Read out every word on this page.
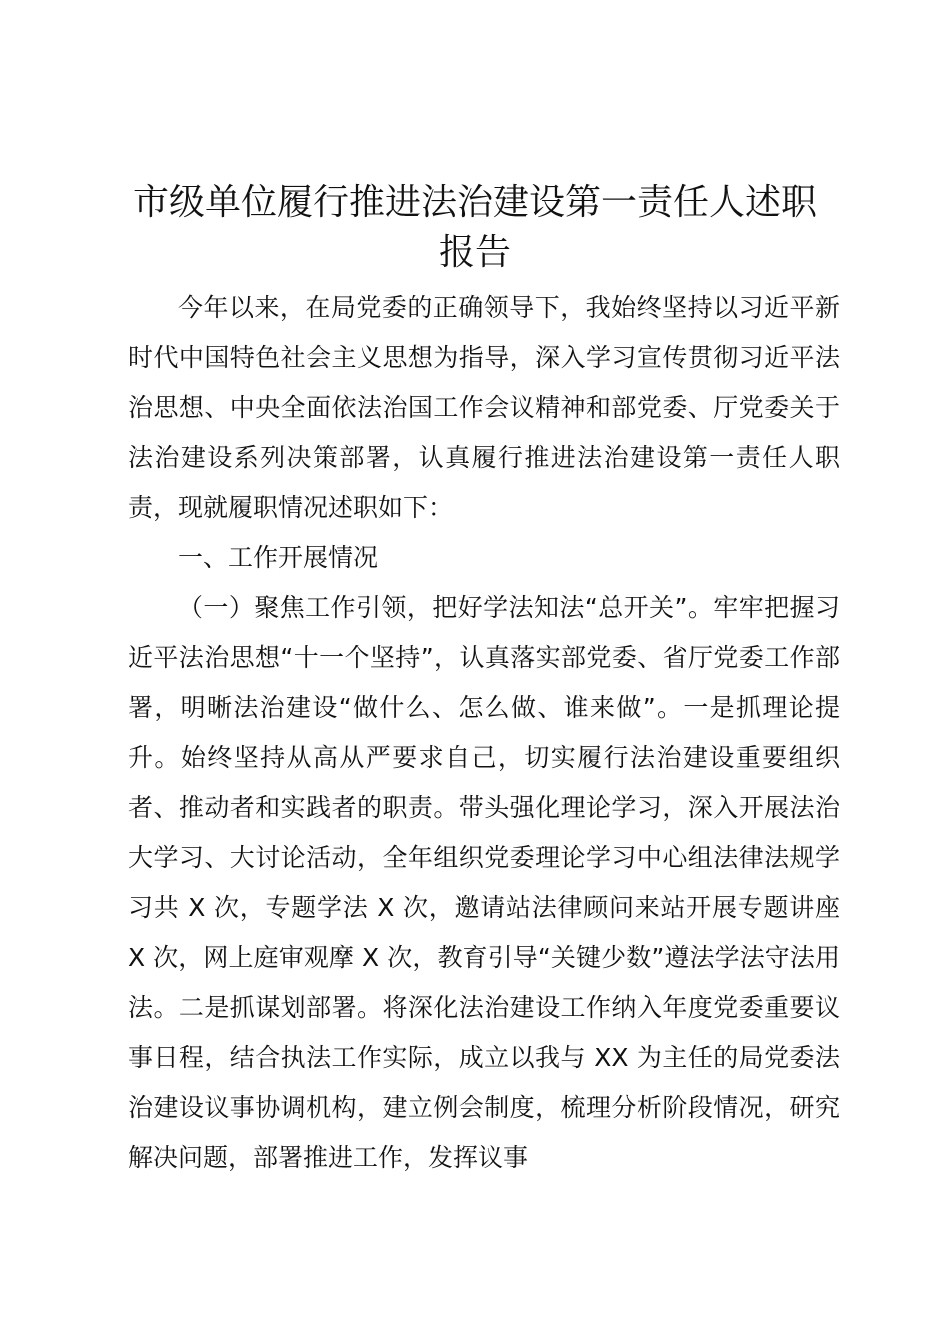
市级单位履行推进法治建设第一责任人述职报告

今年以来，在局党委的正确领导下，我始终坚持以习近平新时代中国特色社会主义思想为指导，深入学习宣传贯彻习近平法治思想、中央全面依法治国工作会议精神和部党委、厅党委关于法治建设系列决策部署，认真履行推进法治建设第一责任人职责，现就履职情况述职如下：

一、工作开展情况

（一）聚焦工作引领，把好学法知法“总开关”。牢牢把握习近平法治思想“十一个坚持”，认真落实部党委、省厅党委工作部署，明晰法治建设“做什么、怎么做、谁来做”。一是抓理论提升。始终坚持从高从严要求自己，切实履行法治建设重要组织者、推动者和实践者的职责。带头强化理论学习，深入开展法治大学习、大讨论活动，全年组织党委理论学习中心组法律法规学习共 X 次，专题学法 X 次，邀请站法律顾问来站开展专题讲座 X 次，网上庭审观摩 X 次，教育引导“关键少数”遵法学法守法用法。二是抓谋划部署。将深化法治建设工作纳入年度党委重要议事日程，结合执法工作实际，成立以我与 XX 为主任的局党委法治建设议事协调机构，建立例会制度，梳理分析阶段情况，研究解决问题，部署推进工作，发挥议事
